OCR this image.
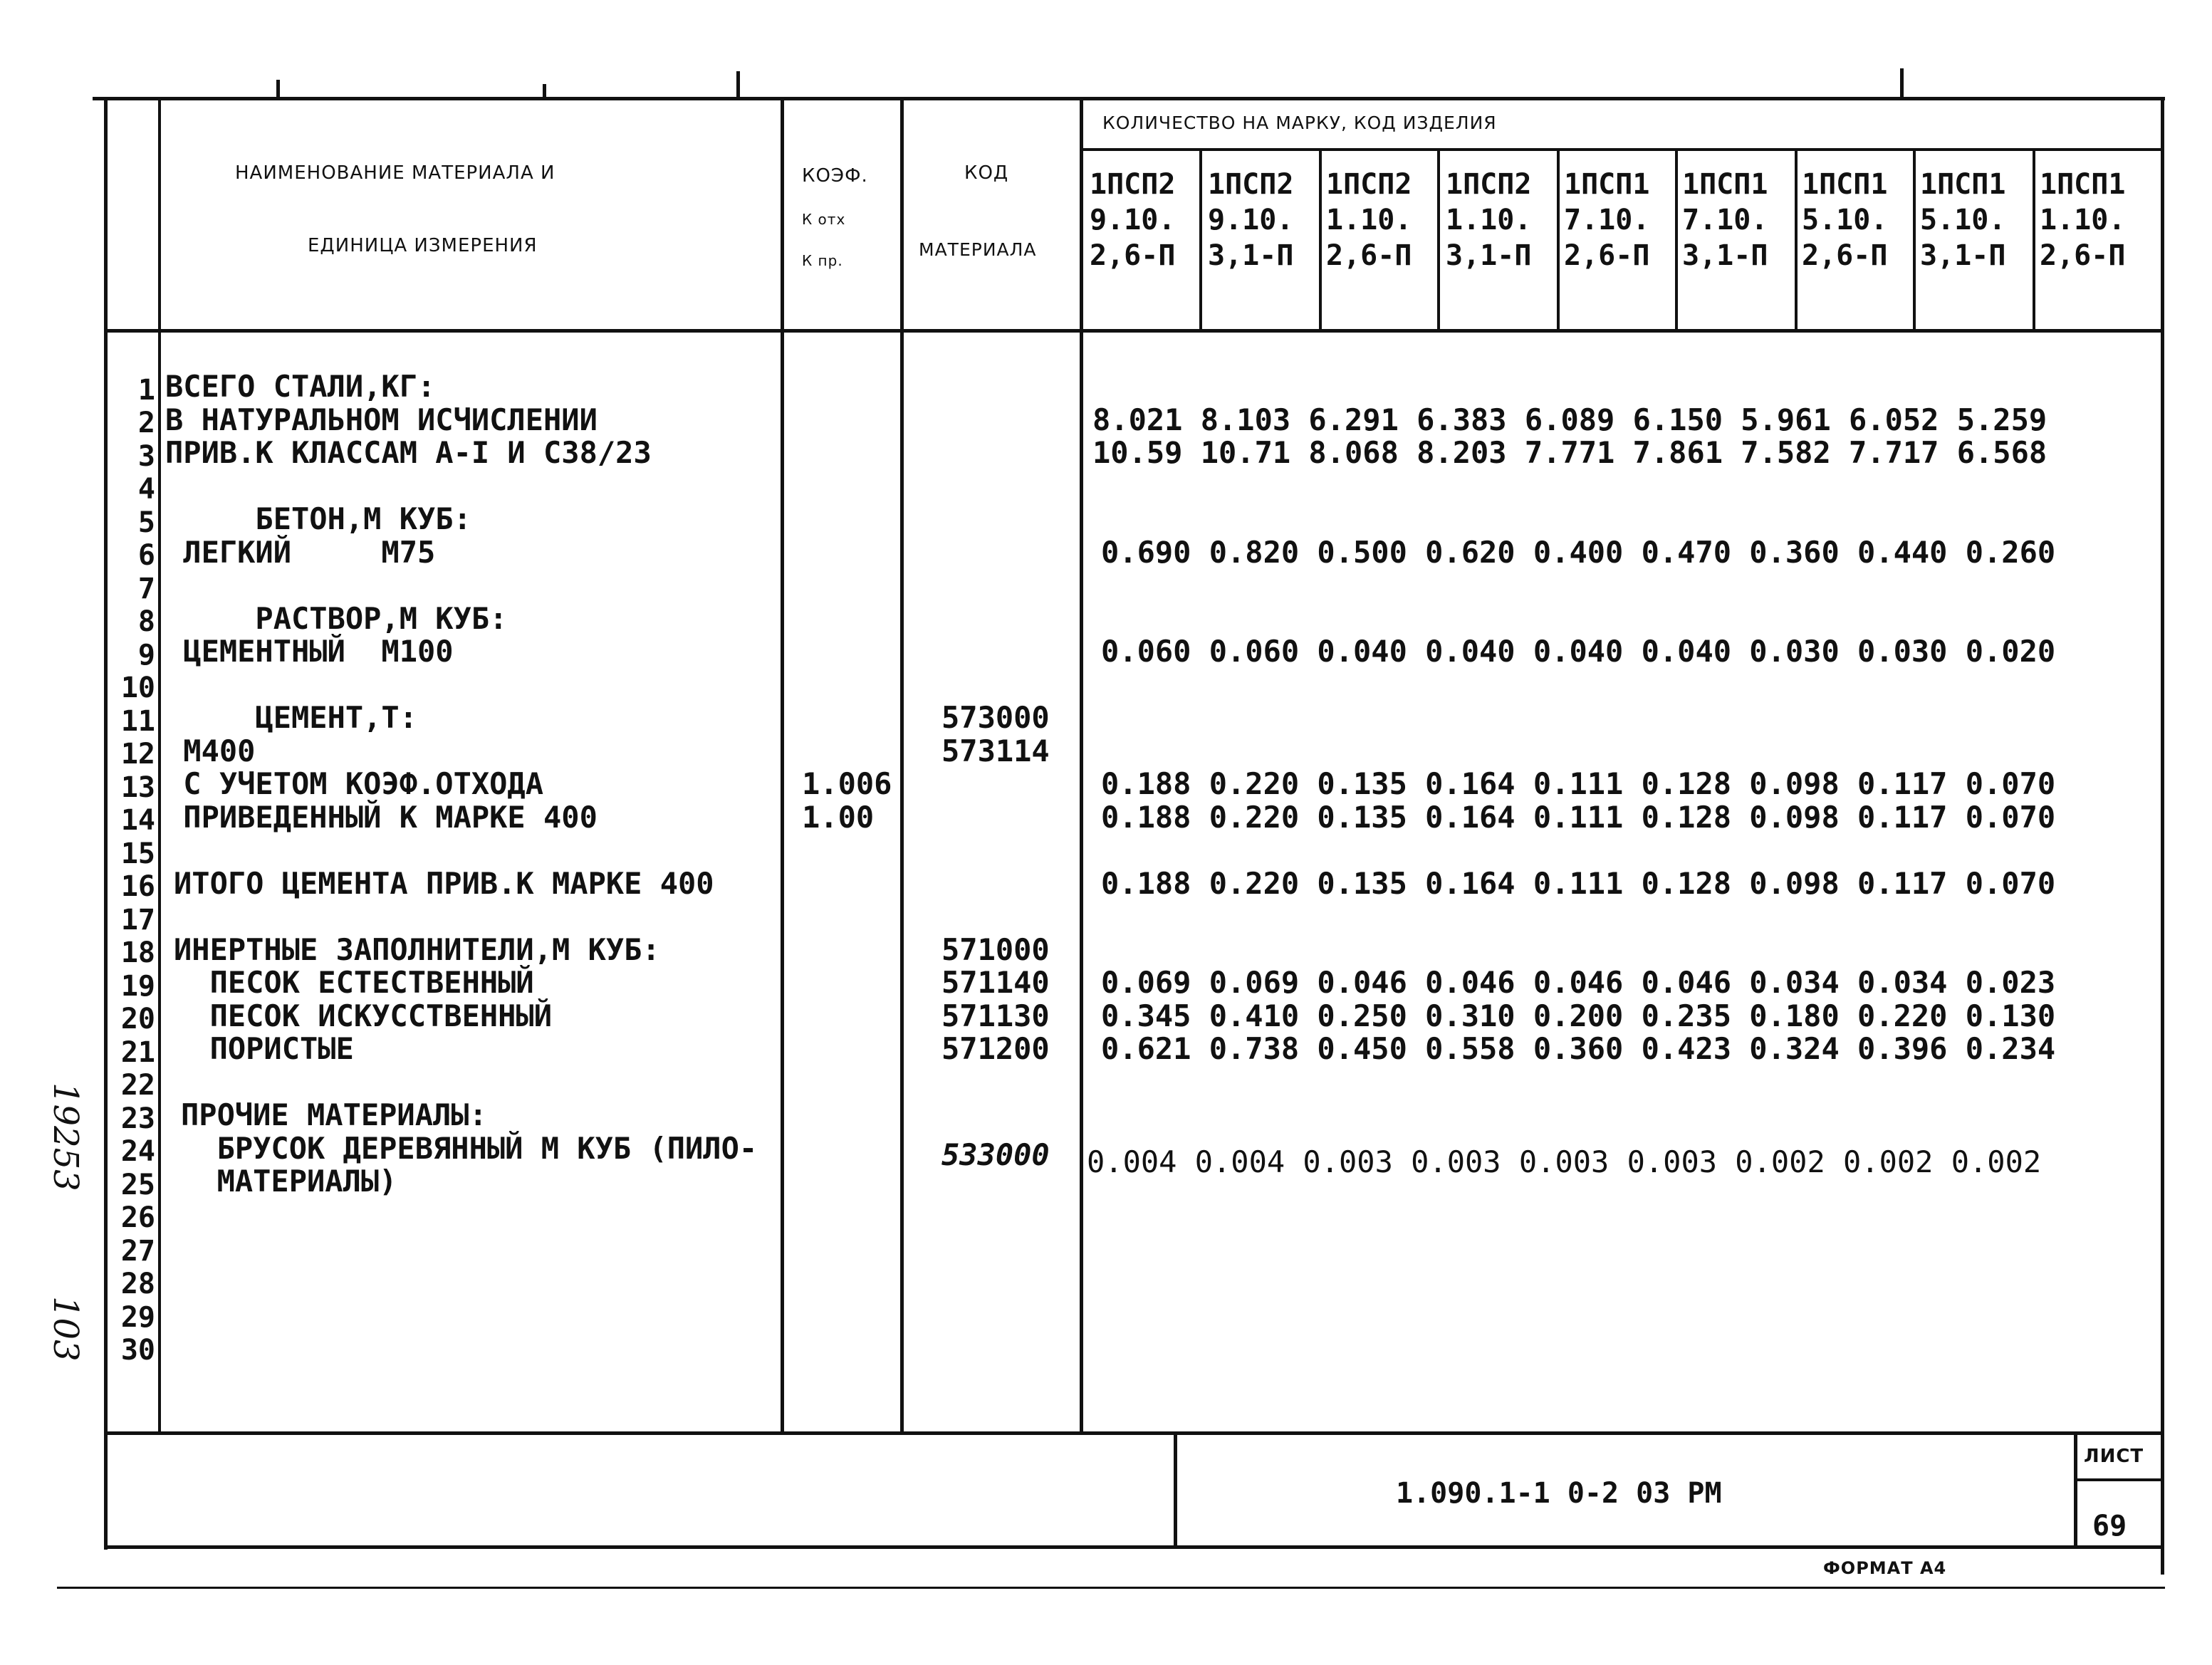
НАИМЕНОВАНИЕ МАТЕРИАЛА И
ЕДИНИЦА ИЗМЕРЕНИЯ
КОЭФ.
К отх
К пр.
КОД
МАТЕРИАЛА
КОЛИЧЕСТВО НА МАРКУ, КОД ИЗДЕЛИЯ
1ПСП2
9.10.
2,6-П
1ПСП2
9.10.
3,1-П
1ПСП2
1.10.
2,6-П
1ПСП2
1.10.
3,1-П
1ПСП1
7.10.
2,6-П
1ПСП1
7.10.
3,1-П
1ПСП1
5.10.
2,6-П
1ПСП1
5.10.
3,1-П
1ПСП1
1.10.
2,6-П
1
2
3
4
5
6
7
8
9
10
11
12
13
14
15
16
17
18
19
20
21
22
23
24
25
26
27
28
29
30
ВСЕГО СТАЛИ,КГ:
В НАТУРАЛЬНОМ ИСЧИСЛЕНИИ
ПРИВ.К КЛАССАМ А-I И С38/23
БЕТОН,М КУБ:
ЛЕГКИЙ     М75
РАСТВОР,М КУБ:
ЦЕМЕНТНЫЙ  М100
ЦЕМЕНТ,Т:
М400
С УЧЕТОМ КОЭФ.ОТХОДА
ПРИВЕДЕННЫЙ К МАРКЕ 400
ИТОГО ЦЕМЕНТА ПРИВ.К МАРКЕ 400
ИНЕРТНЫЕ ЗАПОЛНИТЕЛИ,М КУБ:
ПЕСОК ЕСТЕСТВЕННЫЙ
ПЕСОК ИСКУССТВЕННЫЙ
ПОРИСТЫЕ
ПРОЧИЕ МАТЕРИАЛЫ:
БРУСОК ДЕРЕВЯННЫЙ М КУБ (ПИЛО-
МАТЕРИАЛЫ)
1.006
1.00
573000
573114
571000
571140
571130
571200
533000
8.021 8.103 6.291 6.383 6.089 6.150 5.961 6.052 5.259
10.59 10.71 8.068 8.203 7.771 7.861 7.582 7.717 6.568
0.690 0.820 0.500 0.620 0.400 0.470 0.360 0.440 0.260
0.060 0.060 0.040 0.040 0.040 0.040 0.030 0.030 0.020
0.188 0.220 0.135 0.164 0.111 0.128 0.098 0.117 0.070
0.188 0.220 0.135 0.164 0.111 0.128 0.098 0.117 0.070
0.188 0.220 0.135 0.164 0.111 0.128 0.098 0.117 0.070
0.069 0.069 0.046 0.046 0.046 0.046 0.034 0.034 0.023
0.345 0.410 0.250 0.310 0.200 0.235 0.180 0.220 0.130
0.621 0.738 0.450 0.558 0.360 0.423 0.324 0.396 0.234
0.004 0.004 0.003 0.003 0.003 0.003 0.002 0.002 0.002
1.090.1-1 0-2 03 РМ
ЛИСТ
69
ФОРМАТ А4
19253
103
